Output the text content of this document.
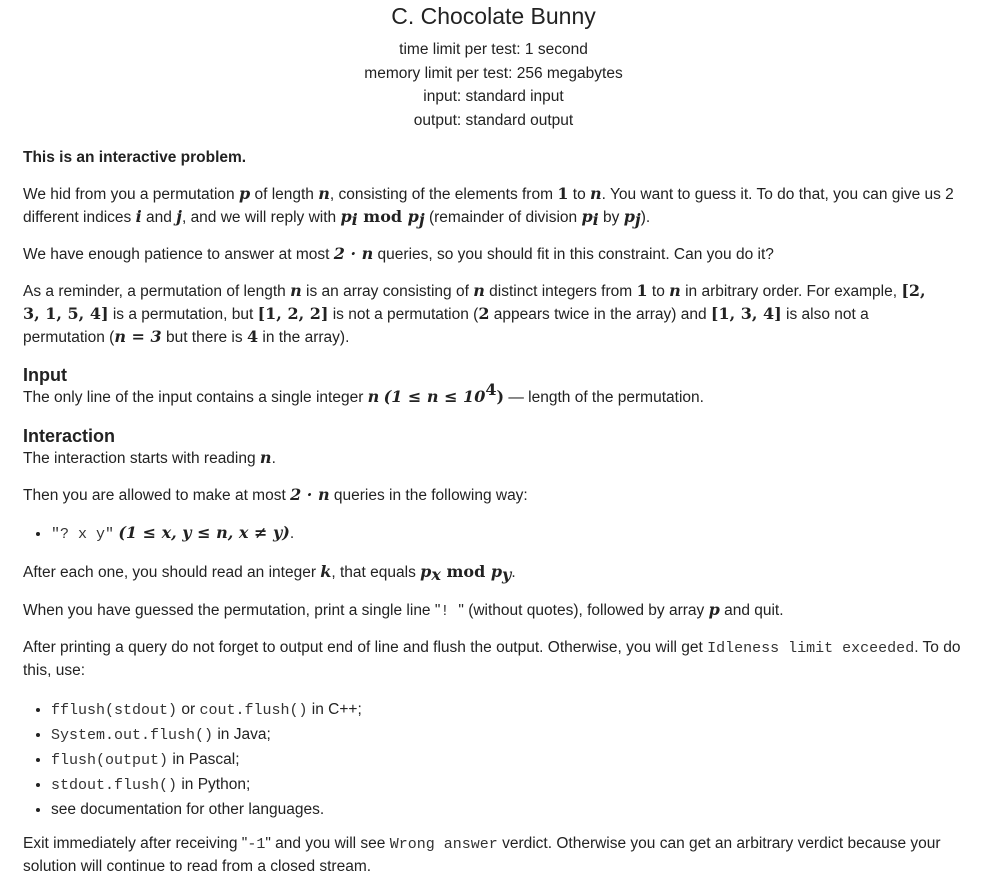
C. Chocolate Bunny
time limit per test: 1 second
memory limit per test: 256 megabytes
input: standard input
output: standard output

This is an interactive problem.

We hid from you a permutation p of length n, consisting of the elements from 1 to n. You want to guess it. To do that, you can give us 2 different indices i and j, and we will reply with $p_i$ mod $p_j$ (remainder of division $p_i$ by $p_j$).

We have enough patience to answer at most 2 · n queries, so you should fit in this constraint. Can you do it?

As a reminder, a permutation of length n is an array consisting of n distinct integers from 1 to n in arbitrary order. For example, [2, 3, 1, 5, 4] is a permutation, but [1, 2, 2] is not a permutation (2 appears twice in the array) and [1, 3, 4] is also not a permutation (n = 3 but there is 4 in the array).

Input

The only line of the input contains a single integer n $(1 \le n \le 10^4)$ — length of the permutation.

Interaction

The interaction starts with reading n.

Then you are allowed to make at most 2 · n queries in the following way:

• "? x y" (1 ≤ x, y ≤ n, x ≠ y).

After each one, you should read an integer k, that equals $p_x$ mod $p_y$.

When you have guessed the permutation, print a single line "! " (without quotes), followed by array p and quit.

After printing a query do not forget to output end of line and flush the output. Otherwise, you will get Idleness limit exceeded. To do this, use:

• fflush(stdout) or cout.flush() in C++;
• System.out.flush() in Java;
• flush(output) in Pascal;
• stdout.flush() in Python;
• see documentation for other languages.

Exit immediately after receiving "-1" and you will see Wrong answer verdict. Otherwise you can get an arbitrary verdict because your solution will continue to read from a closed stream.
